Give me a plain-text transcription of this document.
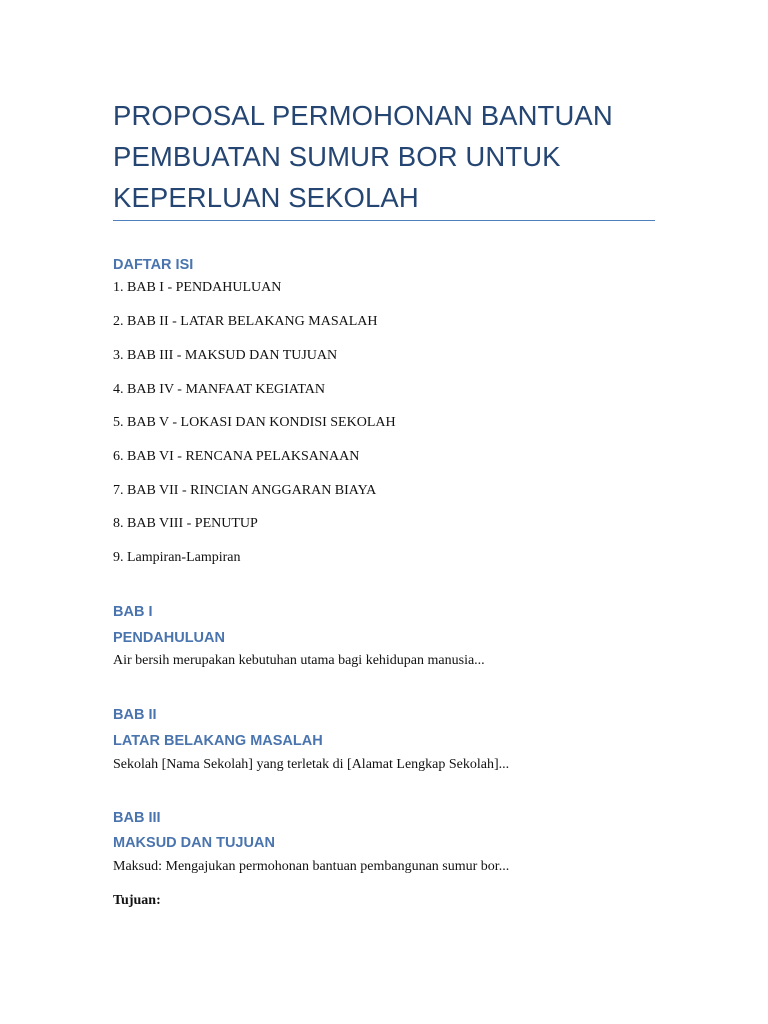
PROPOSAL PERMOHONAN BANTUAN
PEMBUATAN SUMUR BOR UNTUK
KEPERLUAN SEKOLAH
DAFTAR ISI
1. BAB I - PENDAHULUAN
2. BAB II - LATAR BELAKANG MASALAH
3. BAB III - MAKSUD DAN TUJUAN
4. BAB IV - MANFAAT KEGIATAN
5. BAB V - LOKASI DAN KONDISI SEKOLAH
6. BAB VI - RENCANA PELAKSANAAN
7. BAB VII - RINCIAN ANGGARAN BIAYA
8. BAB VIII - PENUTUP
9. Lampiran-Lampiran
BAB I
PENDAHULUAN
Air bersih merupakan kebutuhan utama bagi kehidupan manusia...
BAB II
LATAR BELAKANG MASALAH
Sekolah [Nama Sekolah] yang terletak di [Alamat Lengkap Sekolah]...
BAB III
MAKSUD DAN TUJUAN
Maksud: Mengajukan permohonan bantuan pembangunan sumur bor...
Tujuan:
